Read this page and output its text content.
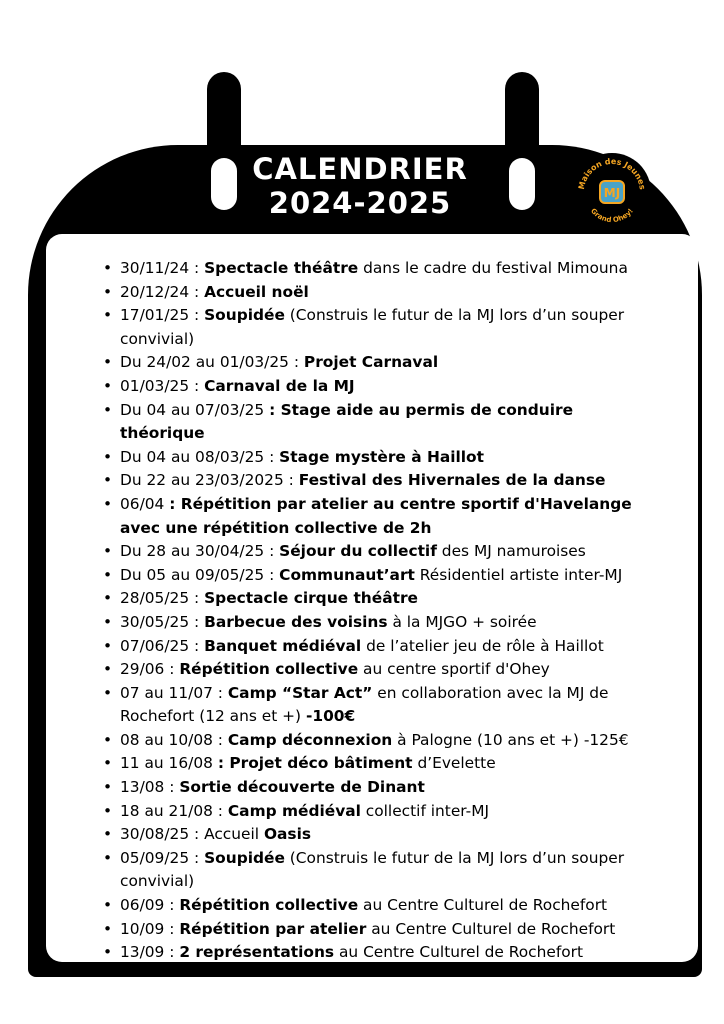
CALENDRIER
2024-2025
Maison des Jeunes
Grand Ohey!
MJ
• 30/11/24 : Spectacle théâtre dans le cadre du festival Mimouna
• 20/12/24 : Accueil noël
• 17/01/25 : Soupidée (Construis le futur de la MJ lors d’un souper convivial)
• Du 24/02 au 01/03/25 : Projet Carnaval
• 01/03/25 : Carnaval de la MJ
• Du 04 au 07/03/25 : Stage aide au permis de conduire théorique
• Du 04 au 08/03/25 : Stage mystère à Haillot
• Du 22 au 23/03/2025 : Festival des Hivernales de la danse
• 06/04 : Répétition par atelier au centre sportif d'Havelange avec une répétition collective de 2h
• Du 28 au 30/04/25 : Séjour du collectif des MJ namuroises
• Du 05 au 09/05/25 : Communaut’art Résidentiel artiste inter-MJ
• 28/05/25 : Spectacle cirque théâtre
• 30/05/25 : Barbecue des voisins à la MJGO + soirée
• 07/06/25 : Banquet médiéval de l’atelier jeu de rôle à Haillot
• 29/06 : Répétition collective au centre sportif d'Ohey
• 07 au 11/07 : Camp “Star Act” en collaboration avec la MJ de Rochefort (12 ans et +) -100€
• 08 au 10/08 : Camp déconnexion à Palogne (10 ans et +) -125€
• 11 au 16/08 : Projet déco bâtiment d’Evelette
• 13/08 : Sortie découverte de Dinant
• 18 au 21/08 : Camp médiéval collectif inter-MJ
• 30/08/25 : Accueil Oasis
• 05/09/25 : Soupidée (Construis le futur de la MJ lors d’un souper convivial)
• 06/09 : Répétition collective au Centre Culturel de Rochefort
• 10/09 : Répétition par atelier au Centre Culturel de Rochefort
• 13/09 : 2 représentations au Centre Culturel de Rochefort
